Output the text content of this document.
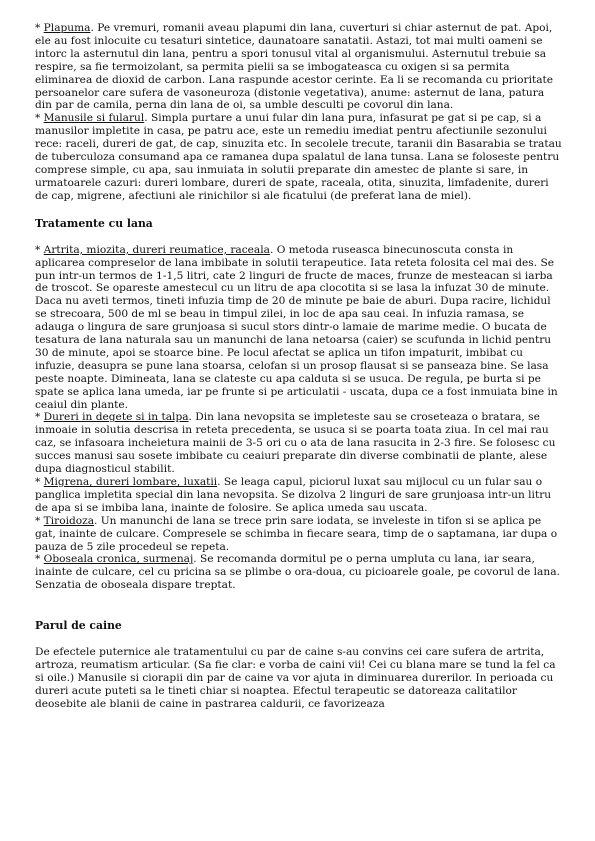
* Plapuma. Pe vremuri, romanii aveau plapumi din lana, cuverturi si chiar asternut de pat. Apoi, ele au fost inlocuite cu tesaturi sintetice, daunatoare sanatatii. Astazi, tot mai multi oameni se intorc la asternutul din lana, pentru a spori tonusul vital al organismului. Asternutul trebuie sa respire, sa fie termoizolant, sa permita pielii sa se imbogateasca cu oxigen si sa permita eliminarea de dioxid de carbon. Lana raspunde acestor cerinte. Ea li se recomanda cu prioritate persoanelor care sufera de vasoneuroza (distonie vegetativa), anume: asternut de lana, patura din par de camila, perna din lana de oi, sa umble desculti pe covorul din lana.

* Manusile si fularul. Simpla purtare a unui fular din lana pura, infasurat pe gat si pe cap, si a manusilor impletite in casa, pe patru ace, este un remediu imediat pentru afectiunile sezonului rece: raceli, dureri de gat, de cap, sinuzita etc. In secolele trecute, taranii din Basarabia se tratau de tuberculoza consumand apa ce ramanea dupa spalatul de lana tunsa. Lana se foloseste pentru comprese simple, cu apa, sau inmuiata in solutii preparate din amestec de plante si sare, in urmatoarele cazuri: dureri lombare, dureri de spate, raceala, otita, sinuzita, limfadenite, dureri de cap, migrene, afectiuni ale rinichilor si ale ficatului (de preferat lana de miel).

Tratamente cu lana

* Artrita, miozita, dureri reumatice, raceala. O metoda ruseasca binecunoscuta consta in aplicarea compreselor de lana imbibate in solutii terapeutice. Iata reteta folosita cel mai des. Se pun intr-un termos de 1-1,5 litri, cate 2 linguri de fructe de maces, frunze de mesteacan si iarba de troscot. Se opareste amestecul cu un litru de apa clocotita si se lasa la infuzat 30 de minute. Daca nu aveti termos, tineti infuzia timp de 20 de minute pe baie de aburi. Dupa racire, lichidul se strecoara, 500 de ml se beau in timpul zilei, in loc de apa sau ceai. In infuzia ramasa, se adauga o lingura de sare grunjoasa si sucul stors dintr-o lamaie de marime medie. O bucata de tesatura de lana naturala sau un manunchi de lana netoarsa (caier) se scufunda in lichid pentru 30 de minute, apoi se stoarce bine. Pe locul afectat se aplica un tifon impaturit, imbibat cu infuzie, deasupra se pune lana stoarsa, celofan si un prosop flausat si se panseaza bine. Se lasa peste noapte. Dimineata, lana se clateste cu apa calduta si se usuca. De regula, pe burta si pe spate se aplica lana umeda, iar pe frunte si pe articulatii - uscata, dupa ce a fost inmuiata bine in ceaiul din plante.

* Dureri in degete si in talpa. Din lana nevopsita se impleteste sau se croseteaza o bratara, se inmoaie in solutia descrisa in reteta precedenta, se usuca si se poarta toata ziua. In cel mai rau caz, se infasoara incheietura mainii de 3-5 ori cu o ata de lana rasucita in 2-3 fire. Se folosesc cu succes manusi sau sosete imbibate cu ceaiuri preparate din diverse combinatii de plante, alese dupa diagnosticul stabilit.

* Migrena, dureri lombare, luxatii. Se leaga capul, piciorul luxat sau mijlocul cu un fular sau o panglica impletita special din lana nevopsita. Se dizolva 2 linguri de sare grunjoasa intr-un litru de apa si se imbiba lana, inainte de folosire. Se aplica umeda sau uscata.

* Tiroidoza. Un manunchi de lana se trece prin sare iodata, se inveleste in tifon si se aplica pe gat, inainte de culcare. Compresele se schimba in fiecare seara, timp de o saptamana, iar dupa o pauza de 5 zile procedeul se repeta.

* Oboseala cronica, surmenaj. Se recomanda dormitul pe o perna umpluta cu lana, iar seara, inainte de culcare, cel cu pricina sa se plimbe o ora-doua, cu picioarele goale, pe covorul de lana. Senzatia de oboseala dispare treptat.

Parul de caine

De efectele puternice ale tratamentului cu par de caine s-au convins cei care sufera de artrita, artroza, reumatism articular. (Sa fie clar: e vorba de caini vii! Cei cu blana mare se tund la fel ca si oile.) Manusile si ciorapii din par de caine va vor ajuta in diminuarea durerilor. In perioada cu dureri acute puteti sa le tineti chiar si noaptea. Efectul terapeutic se datoreaza calitatilor deosebite ale blanii de caine in pastrarea caldurii, ce favorizeaza
